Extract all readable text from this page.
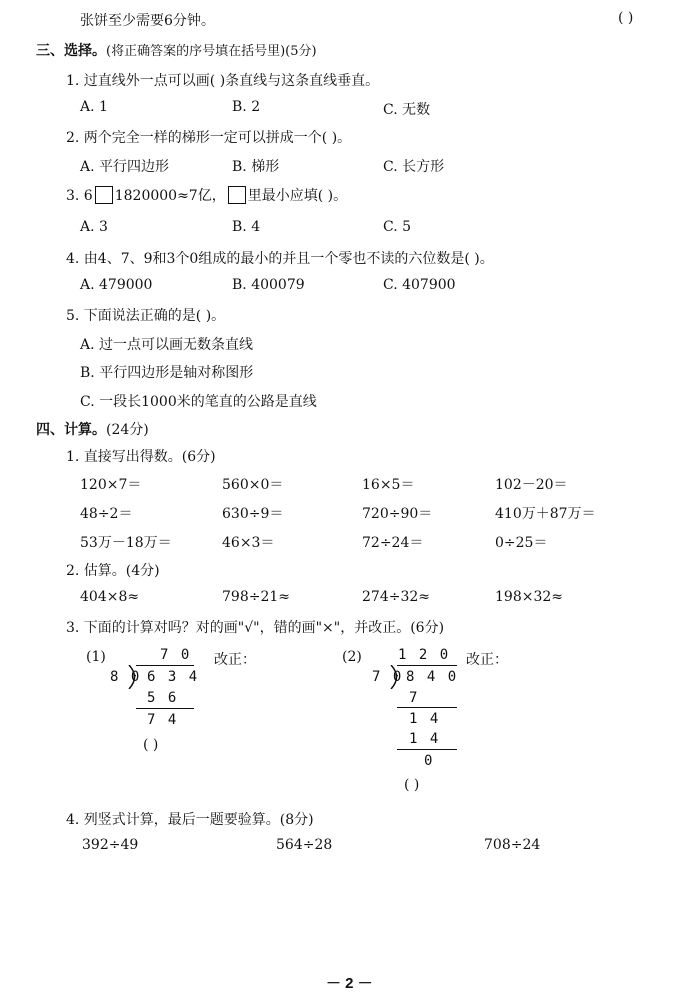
张饼至少需要6分钟。	( )
三、选择。(将正确答案的序号填在括号里)(5分)
1. 过直线外一点可以画( )条直线与这条直线垂直。
A. 1	B. 2	C. 无数
2. 两个完全一样的梯形一定可以拼成一个( )。
A. 平行四边形	B. 梯形	C. 长方形
3. 6 1820000≈7亿， 里最小应填( )。
A. 3	B. 4	C. 5
4. 由4、7、9和3个0组成的最小的并且一个零也不读的六位数是( )。
A. 479000	B. 400079	C. 407900
5. 下面说法正确的是( )。
A. 过一点可以画无数条直线
B. 平行四边形是轴对称图形
C. 一段长1000米的笔直的公路是直线
四、计算。(24分)
1. 直接写出得数。(6分)
120×7＝	560×0＝	16×5＝	102－20＝
48÷2＝	630÷9＝	720÷90＝	410万＋87万＝
53万－18万＝	46×3＝	72÷24＝	0÷25＝
2. 估算。(4分)
404×8≈	798÷21≈	274÷32≈	198×32≈
3. 下面的计算对吗？对的画"√"，错的画"×"，并改正。(6分)
(1)	7 0
8 0 6 3 4
5 6
7 4
( )
改正：	(2)	1 2 0
7 0 8 4 0
7
1 4
1 4
0
( )
改正：
4. 列竖式计算，最后一题要验算。(8分)
392÷49	564÷28	708÷24
－ 2 －
